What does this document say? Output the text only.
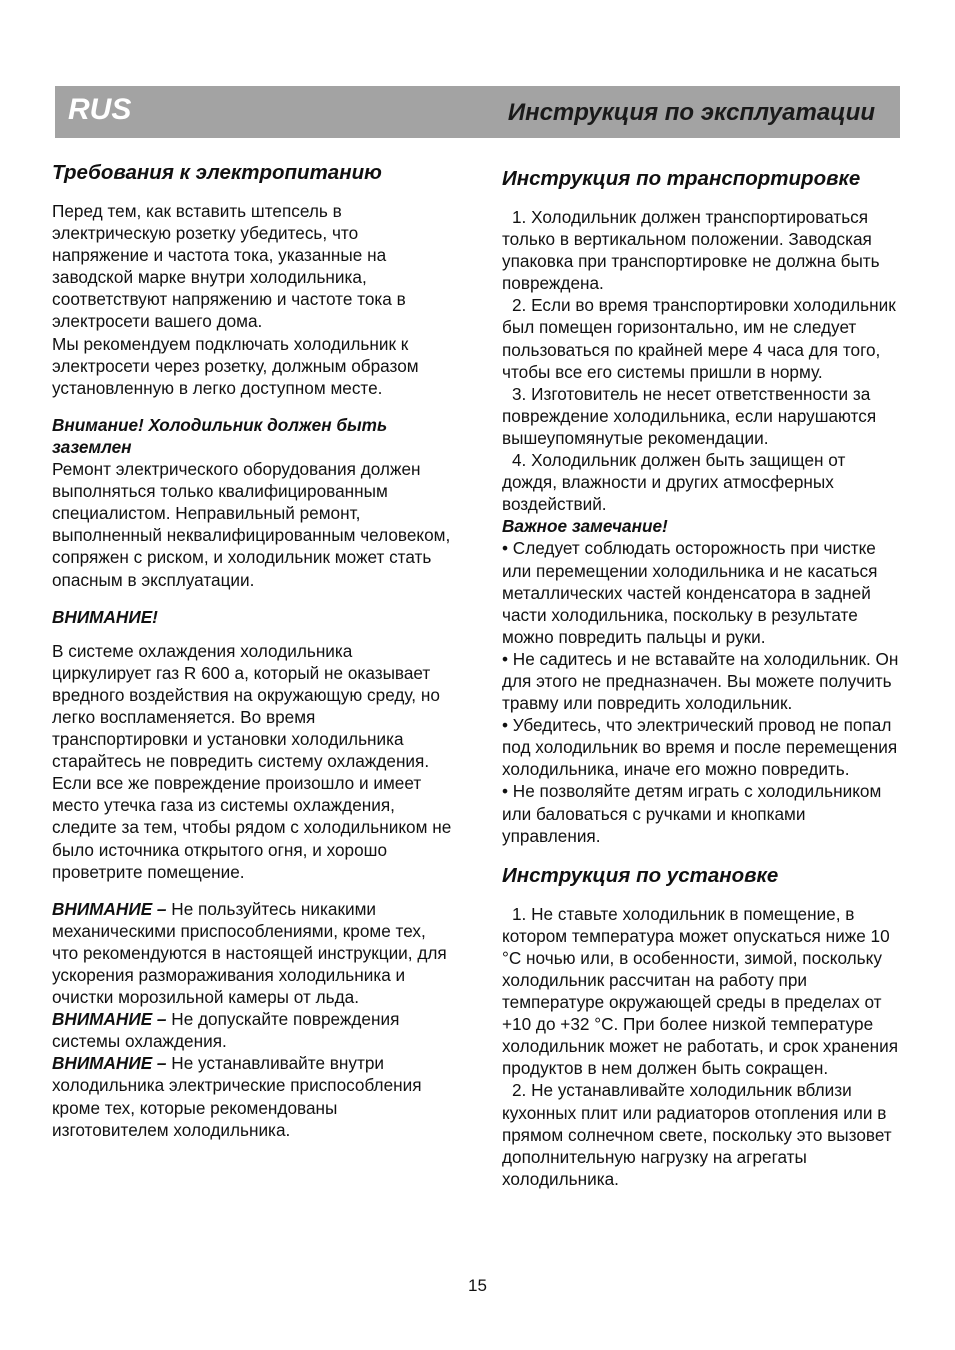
RUS	Инструкция по эксплуатации
Требования к электропитанию

Перед тем, как вставить штепсель в электрическую розетку убедитесь, что напряжение и частота тока, указанные на заводской марке внутри холодильника, соответствуют напряжению и частоте тока в электросети вашего дома.

Мы рекомендуем подключать холодильник к электросети через розетку, должным образом установленную в легко доступном месте.

Внимание! Холодильник должен быть заземлен

Ремонт электрического оборудования должен выполняться только квалифицированным специалистом. Неправильный ремонт, выполненный неквалифицированным человеком, сопряжен с риском, и холодильник может стать опасным в эксплуатации.

ВНИМАНИЕ!

В системе охлаждения холодильника циркулирует газ R 600 a, который не оказывает вредного воздействия на окружающую среду, но легко воспламеняется. Во время транспортировки и установки холодильника старайтесь не повредить систему охлаждения. Если все же повреждение произошло и имеет место утечка газа из системы охлаждения, следите за тем, чтобы рядом с холодильником не было источника открытого огня, и хорошо проветрите помещение.

ВНИМАНИЕ – Не пользуйтесь никакими механическими приспособлениями, кроме тех, что рекомендуются в настоящей инструкции, для ускорения размораживания холодильника и очистки морозильной камеры от льда.

ВНИМАНИЕ – Не допускайте повреждения системы охлаждения.

ВНИМАНИЕ – Не устанавливайте внутри холодильника электрические приспособления кроме тех, которые рекомендованы изготовителем холодильника.

Инструкция по транспортировке

1. Холодильник должен транспортироваться только в вертикальном положении. Заводская упаковка при транспортировке не должна быть повреждена.

2. Если во время транспортировки холодильник был помещен горизонтально, им не следует пользоваться по крайней мере 4 часа для того, чтобы все его системы пришли в норму.

3. Изготовитель не несет ответственности за повреждение холодильника, если нарушаются вышеупомянутые рекомендации.

4. Холодильник должен быть защищен от дождя, влажности и других атмосферных воздействий.

Важное замечание!

• Следует соблюдать осторожность при чистке или перемещении холодильника и не касаться металлических частей конденсатора в задней части холодильника, поскольку в результате можно повредить пальцы и руки.

• Не садитесь и не вставайте на холодильник. Он для этого не предназначен. Вы можете получить травму или повредить холодильник.

• Убедитесь, что электрический провод не попал под холодильник во время и после перемещения холодильника, иначе его можно повредить.

• Не позволяйте детям играть с холодильником или баловаться с ручками и кнопками управления.

Инструкция по установке

1. Не ставьте холодильник в помещение, в котором температура может опускаться ниже 10 °С ночью или, в особенности, зимой, поскольку холодильник рассчитан на работу при температуре окружающей среды в пределах от +10 до +32 °С. При более низкой температуре холодильник может не работать, и срок хранения продуктов в нем должен быть сокращен.

2. Не устанавливайте холодильник вблизи кухонных плит или радиаторов отопления или в прямом солнечном свете, поскольку это вызовет дополнительную нагрузку на агрегаты холодильника.

15
